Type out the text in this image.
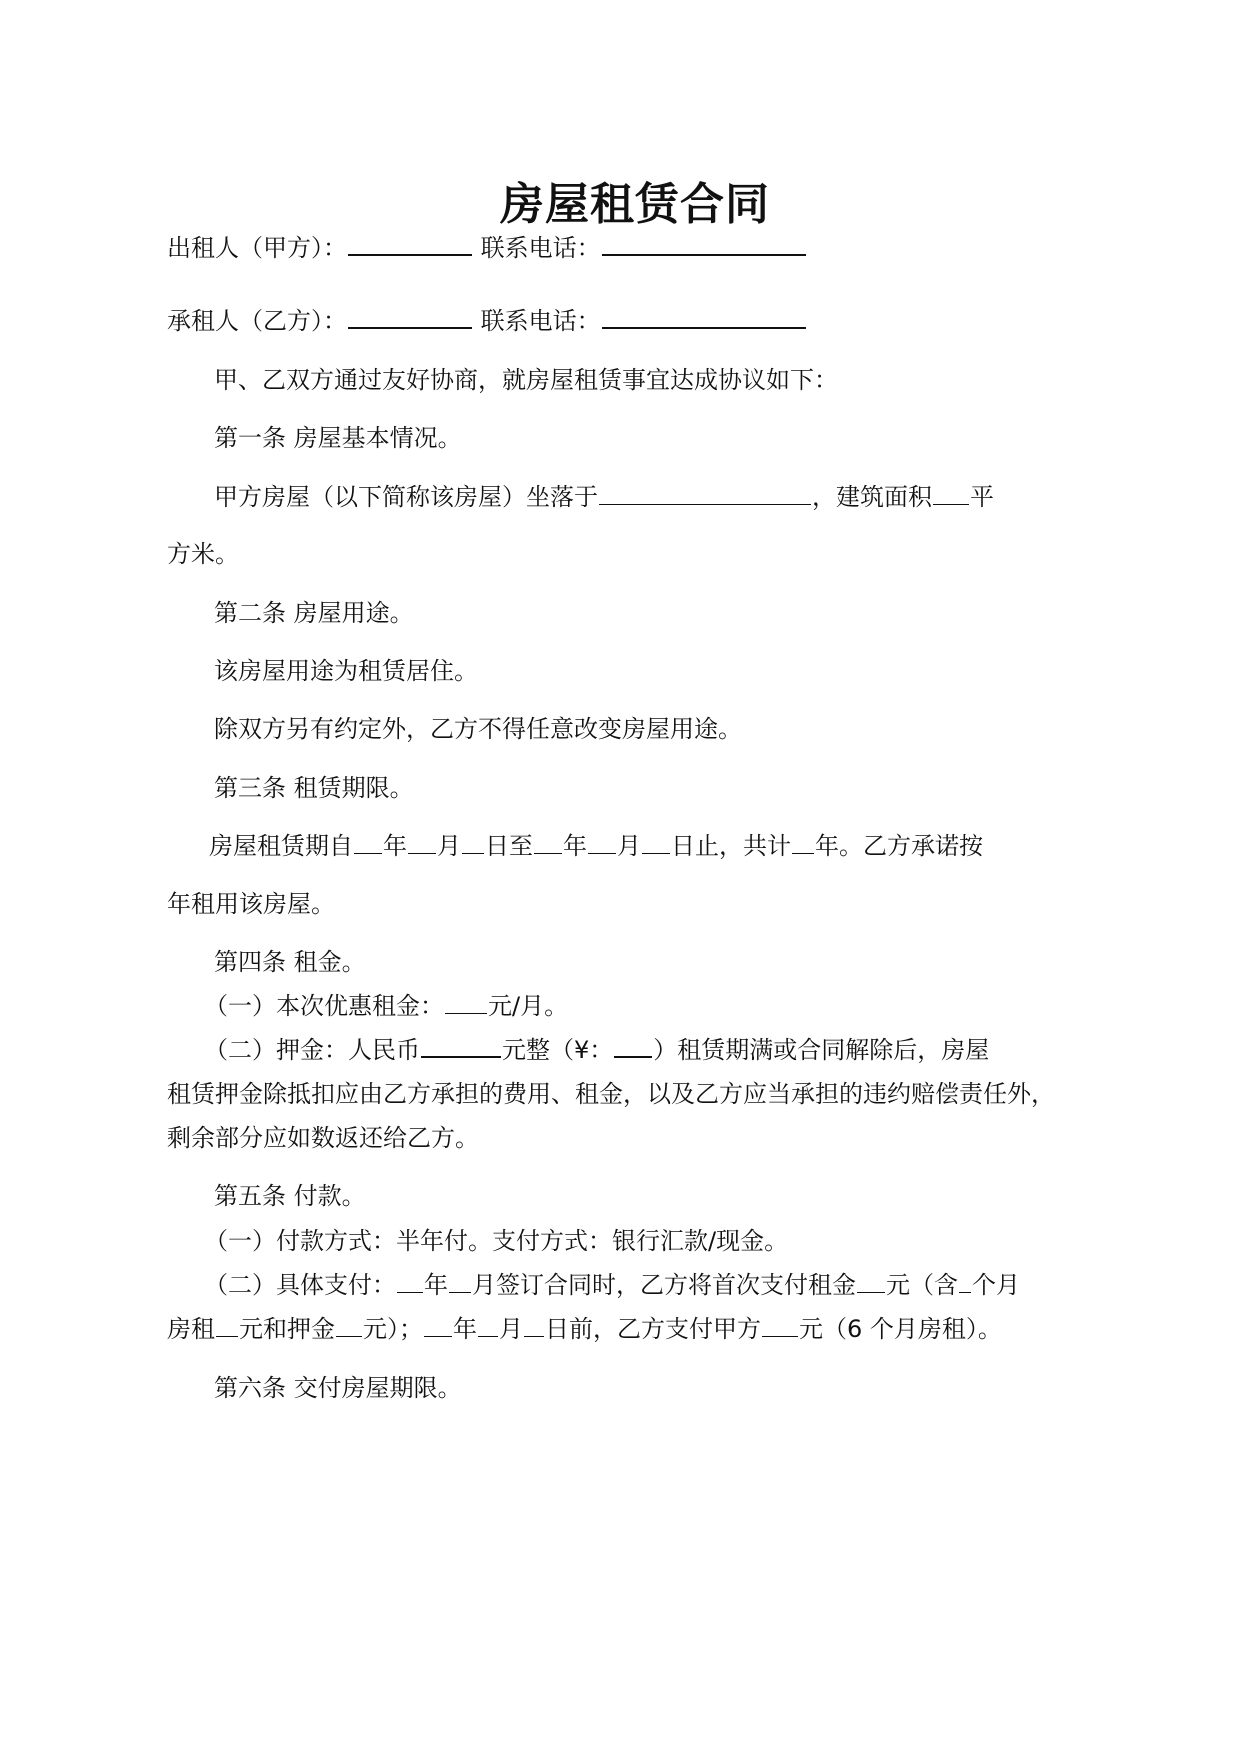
房屋租赁合同
出租人（甲方）：	联系电话：
承租人（乙方）：	联系电话：
甲、乙双方通过友好协商，就房屋租赁事宜达成协议如下：
第一条 房屋基本情况。
甲方房屋（以下简称该房屋）坐落于	，建筑面积 平
方米。
第二条 房屋用途。
该房屋用途为租赁居住。
除双方另有约定外，乙方不得任意改变房屋用途。
第三条 租赁期限。
房屋租赁期自 年 月 日至 年 月 日止，共计 年。乙方承诺按
年租用该房屋。
第四条 租金。
（一）本次优惠租金： 元/月。
（二）押金：人民币	元整（¥： ）租赁期满或合同解除后，房屋
租赁押金除抵扣应由乙方承担的费用、租金，以及乙方应当承担的违约赔偿责任外，
剩余部分应如数返还给乙方。
第五条 付款。
（一）付款方式：半年付。支付方式：银行汇款/现金。
（二）具体支付： 年 月签订合同时，乙方将首次支付租金 元（含 个月
房租 元和押金 元）； 年 月 日前，乙方支付甲方 元（6 个月房租）。
第六条 交付房屋期限。
